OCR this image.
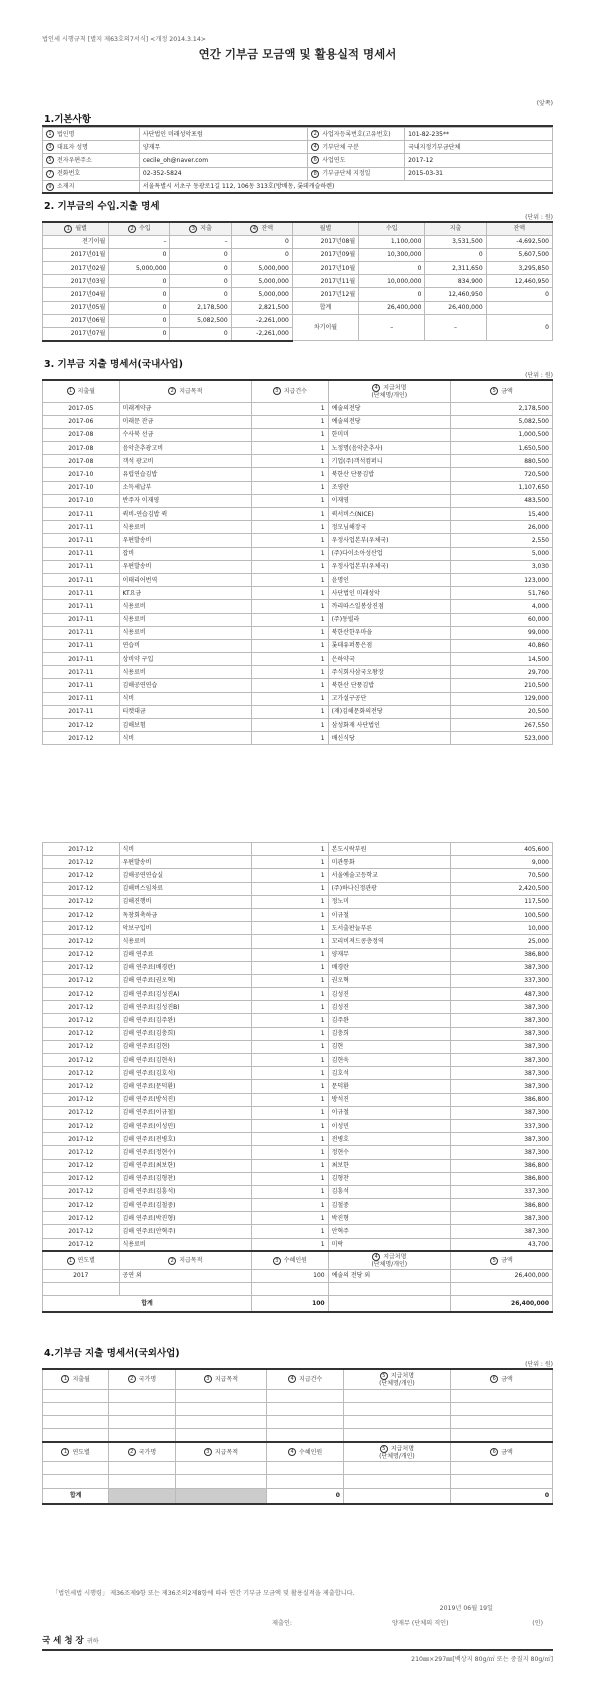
법인세 시행규칙 [별지 제63호의7서식] <개정 2014.3.14>
연간 기부금 모금액 및 활용실적 명세서
(앞쪽)
1.기본사항
1 법인명	사단법인 미래성악포럼	2 사업자등록번호(고유번호)	101-82-235**
3 대표자 성명	양재무	4 기부단체 구분	국내지정기부금단체
5 전자우편주소	cecile_oh@naver.com	6 사업연도	2017-12
7 전화번호	02-352-5824	8 기부금단체 지정일	2015-03-31
9 소재지	서울특별시 서초구 동광로1길 112, 106동 313호(방배동, 롯데캐슬하렌)		
2. 기부금의 수입.지출 명세
(단위 : 원)
1 월별	2 수입	3 지출	4 잔액	월별	수입	지출	잔액
전기이월	–	–	0	2017년08월	1,100,000	3,531,500	-4,692,500
2017년01월	0	0	0	2017년09월	10,300,000	0	5,607,500
2017년02월	5,000,000	0	5,000,000	2017년10월	0	2,311,650	3,295,850
2017년03월	0	0	5,000,000	2017년11월	10,000,000	834,900	12,460,950
2017년04월	0	0	5,000,000	2017년12월	0	12,460,950	0
2017년05월	0	2,178,500	2,821,500	합계	26,400,000	26,400,000	
2017년06월	0	5,082,500	-2,261,000	차기이월	–	–	0
2017년07월	0	0	-2,261,000				
3. 기부금 지출 명세서(국내사업)
(단위 : 원)
1 지출월	2 지급목적	3 지급건수	4 지급처명
(단체명/개인)	5 금액
2017-05	미래계약금	1	예술의전당	2,178,500
2017-06	미래문 잔금	1	예술의전당	5,082,500
2017-08	수사북 선금	1	한미미	1,000,500
2017-08	음악춘추광고비	1	노정명(음악춘추사)	1,650,500
2017-08	객석 광고비	1	기업(주)객석컴퍼니	880,500
2017-10	유럽연습김밥	1	북한산 단풍김밥	720,500
2017-10	소득세납부	1	조영란	1,107,650
2017-10	반주자 이재영	1	이재영	483,500
2017-11	퀵비-연습김밥 퀵	1	퀵서비스(NICE)	15,400
2017-11	식용료비	1	정모님해장국	26,000
2017-11	우편발송비	1	우정사업본부(우체국)	2,550
2017-11	잡비	1	(주)다이소아성산업	5,000
2017-11	우편발송비	1	우정사업본부(우체국)	3,030
2017-11	이태리어번역	1	윤명인	123,000
2017-11	KT요금	1	사단법인 미래성악	51,760
2017-11	식용료비	1	까리따스일봉상진점	4,000
2017-11	식용료비	1	(주)동빌라	60,000
2017-11	식용료비	1	북한산한우마을	99,000
2017-11	연습비	1	롯데유퍼통은점	40,860
2017-11	상비약 구입	1	은하약국	14,500
2017-11	식용료비	1	주식회사삼국오왕장	29,700
2017-11	김해공연연습	1	북한산 단풍김밥	210,500
2017-11	식비	1	고가설구공단	129,000
2017-11	티켓대금	1	(재)김해문화의전당	20,500
2017-12	김해보험	1	삼성화재 사단법인	267,550
2017-12	식비	1	배신식당	523,000
2017-12	식비	1	본도시락부원	405,600
2017-12	우편발송비	1	미관통화	9,000
2017-12	김해공연연습실	1	서울예술고등학교	70,500
2017-12	김해버스임차료	1	(주)하나신정관광	2,420,500
2017-12	김해진행비	1	정노미	117,500
2017-12	독창회축하금	1	이규철	100,500
2017-12	악보구입비	1	도서출판늘푸른	10,000
2017-12	식용료비	1	꼬리비져드콩층정역	25,000
2017-12	김해 연주료	1	양재무	386,800
2017-12	김해 연주료(배경란)	1	배경란	387,300
2017-12	김해 연주료(권오혁)	1	권오혁	337,300
2017-12	김해 연주료(김성진A)	1	김성진	487,300
2017-12	김해 연주료(김성진B)	1	김성진	387,300
2017-12	김해 연주료(김주완)	1	김주완	387,300
2017-12	김해 연주료(김충희)	1	김충희	387,300
2017-12	김해 연주료(김현)	1	김현	387,300
2017-12	김해 연주료(김현욱)	1	김현욱	387,300
2017-12	김해 연주료(김호석)	1	김호석	387,300
2017-12	김해 연주료(문덕환)	1	문덕환	387,300
2017-12	김해 연주료(방석진)	1	방석진	386,800
2017-12	김해 연주료(이규철)	1	이규철	387,300
2017-12	김해 연주료(이성민)	1	이성민	337,300
2017-12	김해 연주료(전병호)	1	전병호	387,300
2017-12	김해 연주료(정현수)	1	정현수	387,300
2017-12	김해 연주료(최보한)	1	최보한	386,800
2017-12	김해 연주료(김형찬)	1	김형찬	386,800
2017-12	김해 연주료(김흥석)	1	김흥석	337,300
2017-12	김해 연주료(김철중)	1	김철중	386,800
2017-12	김해 연주료(박진형)	1	박진형	387,300
2017-12	김해 연주료(안혁주)	1	안혁주	387,300
2017-12	식용료비	1	미락	43,700
1 연도별	2 지급목적	3 수혜인원	4 지급처명
(단체명/개인)	5 금액
2017	공연 외	100	예술의 전당 외	26,400,000

합계		100		26,400,000
4.기부금 지출 명세서(국외사업)
(단위 : 원)
1 지출월	2 국가명	3 지급목적	4 지급건수	5 지급처명
(단체명/개인)	6 금액

1 연도별	2 국가명	3 지급목적	4 수혜인원	5 지급처명
(단체명/개인)	6 금액

합계			0		0
「법인세법 시행령」 제36조제9항 또는 제36조의2제8항에 따라 연간 기부금 모금액 및 활용실적을 제출합니다.
2019년 06월 19일
제출인:	양재무 (단체의 직인)	(인)
국 세 청 장 귀하
210㎜×297㎜[백상지 80g/㎡ 또는 중질지 80g/㎡]
